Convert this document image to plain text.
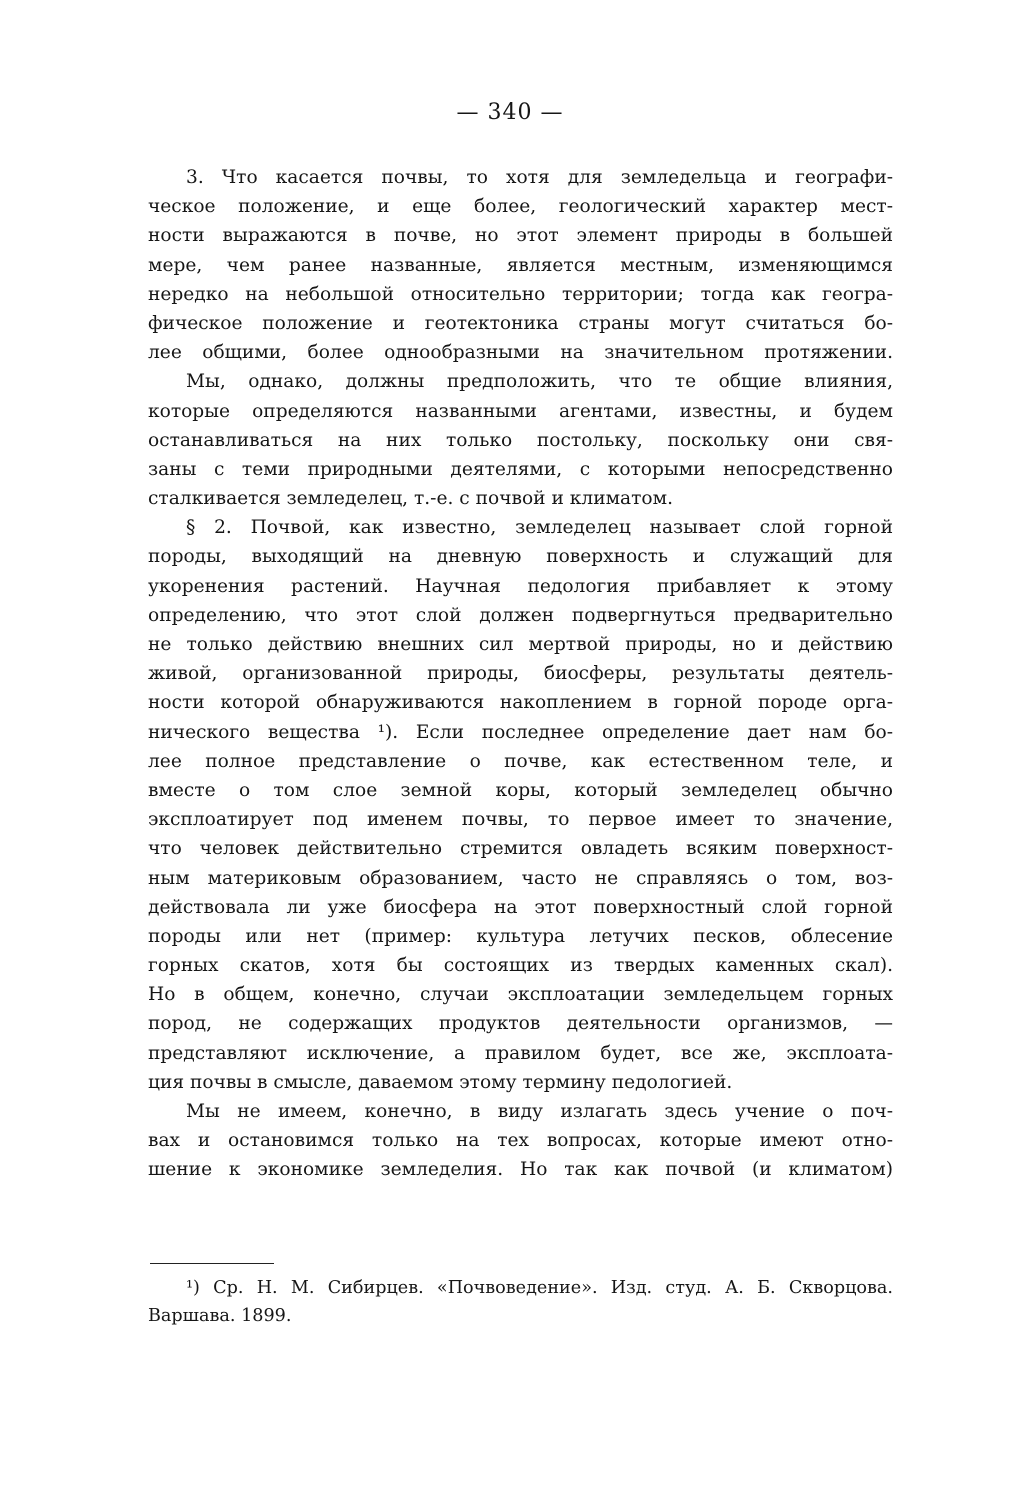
— 340 —
3. Что касается почвы, то хотя для земледельца и географи-
ческое положение, и еще более, геологический характер мест-
ности выражаются в почве, но этот элемент природы в большей
мере, чем ранее названные, является местным, изменяющимся
нередко на небольшой относительно территории; тогда как геогра-
фическое положение и геотектоника страны могут считаться бо-
лее общими, более однообразными на значительном протяжении.
Мы, однако, должны предположить, что те общие влияния,
которые определяются названными агентами, известны, и будем
останавливаться на них только постольку, поскольку они свя-
заны с теми природными деятелями, с которыми непосредственно
сталкивается земледелец, т.-е. с почвой и климатом.
§ 2. Почвой, как известно, земледелец называет слой горной
породы, выходящий на дневную поверхность и служащий для
укоренения растений. Научная педология прибавляет к этому
определению, что этот слой должен подвергнуться предварительно
не только действию внешних сил мертвой природы, но и действию
живой, организованной природы, биосферы, результаты деятель-
ности которой обнаруживаются накоплением в горной породе орга-
нического вещества ¹). Если последнее определение дает нам бо-
лее полное представление о почве, как естественном теле, и
вместе о том слое земной коры, который земледелец обычно
эксплоатирует под именем почвы, то первое имеет то значение,
что человек действительно стремится овладеть всяким поверхност-
ным материковым образованием, часто не справляясь о том, воз-
действовала ли уже биосфера на этот поверхностный слой горной
породы или нет (пример: культура летучих песков, облесение
горных скатов, хотя бы состоящих из твердых каменных скал).
Но в общем, конечно, случаи эксплоатации земледельцем горных
пород, не содержащих продуктов деятельности организмов, —
представляют исключение, а правилом будет, все же, эксплоата-
ция почвы в смысле, даваемом этому термину педологией.
Мы не имеем, конечно, в виду излагать здесь учение о поч-
вах и остановимся только на тех вопросах, которые имеют отно-
шение к экономике земледелия. Но так как почвой (и климатом)
¹) Ср. Н. М. Сибирцев. «Почвоведение». Изд. студ. А. Б. Скворцова.
Варшава. 1899.
